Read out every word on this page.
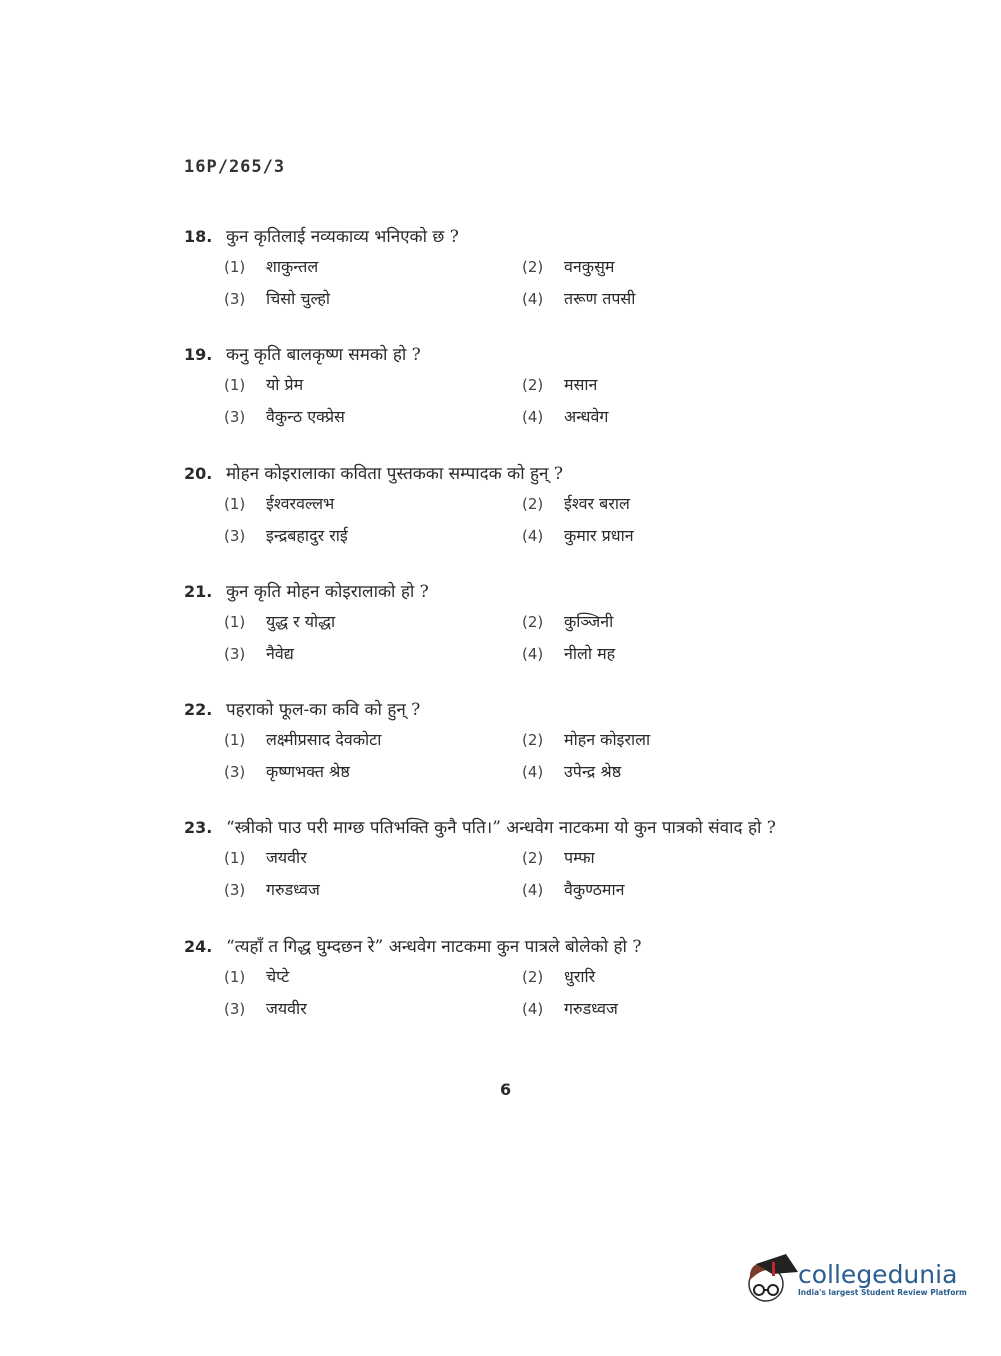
16P/265/3
18. कुन कृतिलाई नव्यकाव्य भनिएको छ ?
(1)	शाकुन्तल	(2)	वनकुसुम
(3)	चिसो चुल्हो	(4)	तरूण तपसी
19. कनु कृति बालकृष्ण समको हो ?
(1)	यो प्रेम	(2)	मसान
(3)	वैकुन्ठ एक्प्रेस	(4)	अन्धवेग
20. मोहन कोइरालाका कविता पुस्तकका सम्पादक को हुन् ?
(1)	ईश्वरवल्लभ	(2)	ईश्वर बराल
(3)	इन्द्रबहादुर राई	(4)	कुमार प्रधान
21. कुन कृति मोहन कोइरालाको हो ?
(1)	युद्ध र योद्धा	(2)	कुञ्जिनी
(3)	नैवेद्य	(4)	नीलो मह
22. पहराको फूल-का कवि को हुन् ?
(1)	लक्ष्मीप्रसाद देवकोटा	(2)	मोहन कोइराला
(3)	कृष्णभक्त श्रेष्ठ	(4)	उपेन्द्र श्रेष्ठ
23. “स्त्रीको पाउ परी माग्छ पतिभक्ति कुनै पति।” अन्धवेग नाटकमा यो कुन पात्रको संवाद हो ?
(1)	जयवीर	(2)	पम्फा
(3)	गरुडध्वज	(4)	वैकुण्ठमान
24. “त्यहाँ त गिद्ध घुम्दछन रे” अन्धवेग नाटकमा कुन पात्रले बोलेको हो ?
(1)	चेप्टे	(2)	धुरारि
(3)	जयवीर	(4)	गरुडध्वज
6
collegedunia
India's largest Student Review Platform
